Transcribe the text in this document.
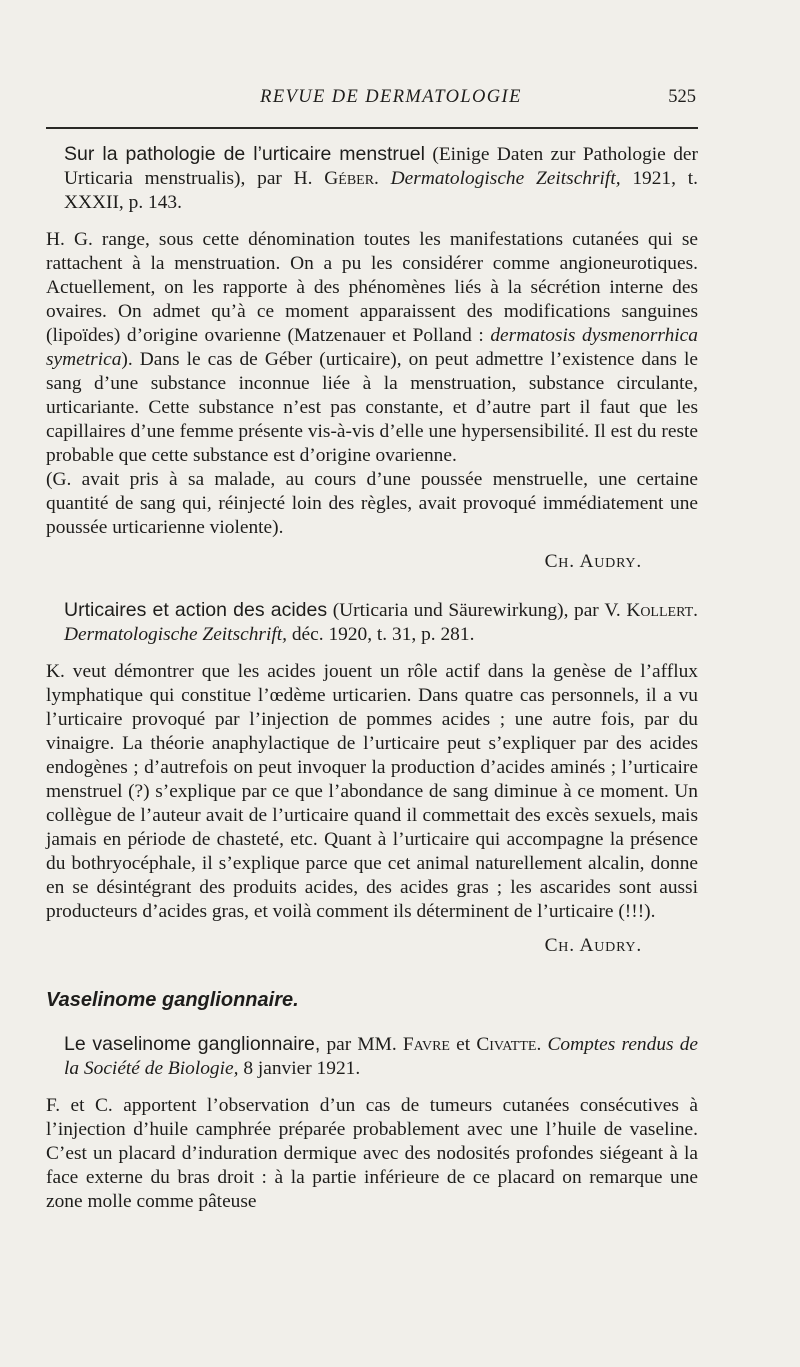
REVUE DE DERMATOLOGIE	525

Sur la pathologie de l’urticaire menstruel (Einige Daten zur Pathologie der Urticaria menstrualis), par H. Géber. Dermatologische Zeitschrift, 1921, t. XXXII, p. 143.

H. G. range, sous cette dénomination toutes les manifestations cutanées qui se rattachent à la menstruation. On a pu les considérer comme angioneurotiques. Actuellement, on les rapporte à des phénomènes liés à la sécrétion interne des ovaires. On admet qu’à ce moment apparaissent des modifications sanguines (lipoïdes) d’origine ovarienne (Matzenauer et Polland : dermatosis dysmenorrhica symetrica). Dans le cas de Géber (urticaire), on peut admettre l’existence dans le sang d’une substance inconnue liée à la menstruation, substance circulante, urticariante. Cette substance n’est pas constante, et d’autre part il faut que les capillaires d’une femme présente vis-à-vis d’elle une hypersensibilité. Il est du reste probable que cette substance est d’origine ovarienne.

(G. avait pris à sa malade, au cours d’une poussée menstruelle, une certaine quantité de sang qui, réinjecté loin des règles, avait provoqué immédiatement une poussée urticarienne violente).

Ch. Audry.

Urticaires et action des acides (Urticaria und Säurewirkung), par V. Kollert. Dermatologische Zeitschrift, déc. 1920, t. 31, p. 281.

K. veut démontrer que les acides jouent un rôle actif dans la genèse de l’afflux lymphatique qui constitue l’œdème urticarien. Dans quatre cas personnels, il a vu l’urticaire provoqué par l’injection de pommes acides ; une autre fois, par du vinaigre. La théorie anaphylactique de l’urticaire peut s’expliquer par des acides endogènes ; d’autrefois on peut invoquer la production d’acides aminés ; l’urticaire menstruel (?) s’explique par ce que l’abondance de sang diminue à ce moment. Un collègue de l’auteur avait de l’urticaire quand il commettait des excès sexuels, mais jamais en période de chasteté, etc. Quant à l’urticaire qui accompagne la présence du bothryocéphale, il s’explique parce que cet animal naturellement alcalin, donne en se désintégrant des produits acides, des acides gras ; les ascarides sont aussi producteurs d’acides gras, et voilà comment ils déterminent de l’urticaire (!!!).

Ch. Audry.

Vaselinome ganglionnaire.

Le vaselinome ganglionnaire, par MM. Favre et Civatte. Comptes rendus de la Société de Biologie, 8 janvier 1921.

F. et C. apportent l’observation d’un cas de tumeurs cutanées consécutives à l’injection d’huile camphrée préparée probablement avec une l’huile de vaseline. C’est un placard d’induration dermique avec des nodosités profondes siégeant à la face externe du bras droit : à la partie inférieure de ce placard on remarque une zone molle comme pâteuse
